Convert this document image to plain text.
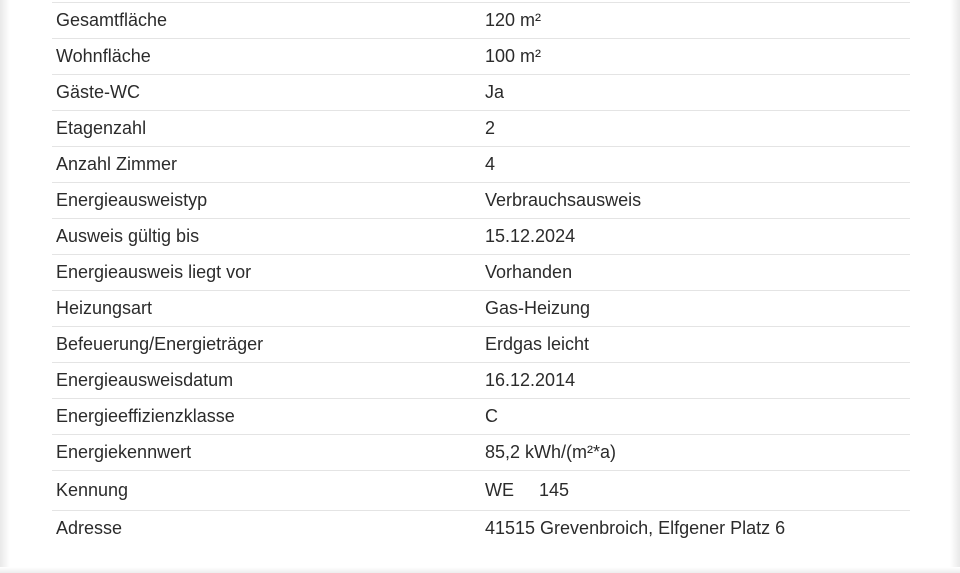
Gesamtfläche	120 m²
Wohnfläche	100 m²
Gäste-WC	Ja
Etagenzahl	2
Anzahl Zimmer	4
Energieausweistyp	Verbrauchsausweis
Ausweis gültig bis	15.12.2024
Energieausweis liegt vor	Vorhanden
Heizungsart	Gas-Heizung
Befeuerung/Energieträger	Erdgas leicht
Energieausweisdatum	16.12.2014
Energieeffizienzklasse	C
Energiekennwert	85,2 kWh/(m²*a)
Kennung	WE     145
Adresse	41515 Grevenbroich, Elfgener Platz 6
